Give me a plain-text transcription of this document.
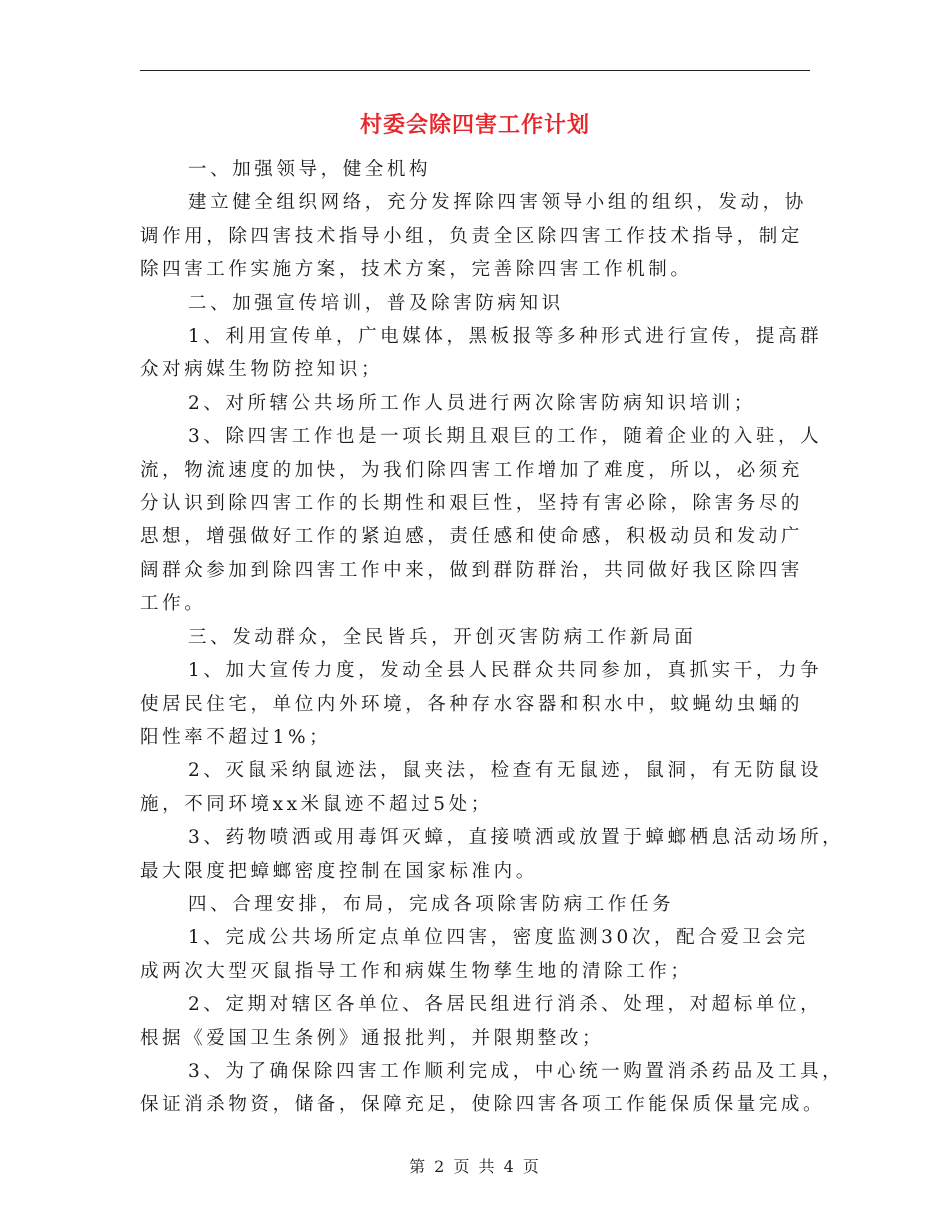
村委会除四害工作计划

一、加强领导，健全机构

建立健全组织网络，充分发挥除四害领导小组的组织，发动，协
调作用，除四害技术指导小组，负责全区除四害工作技术指导，制定
除四害工作实施方案，技术方案，完善除四害工作机制。

二、加强宣传培训，普及除害防病知识

1、利用宣传单，广电媒体，黑板报等多种形式进行宣传，提高群
众对病媒生物防控知识；

2、对所辖公共场所工作人员进行两次除害防病知识培训；

3、除四害工作也是一项长期且艰巨的工作，随着企业的入驻，人
流，物流速度的加快，为我们除四害工作增加了难度，所以，必须充
分认识到除四害工作的长期性和艰巨性，坚持有害必除，除害务尽的
思想，增强做好工作的紧迫感，责任感和使命感，积极动员和发动广
阔群众参加到除四害工作中来，做到群防群治，共同做好我区除四害
工作。

三、发动群众，全民皆兵，开创灭害防病工作新局面

1、加大宣传力度，发动全县人民群众共同参加，真抓实干，力争
使居民住宅，单位内外环境，各种存水容器和积水中，蚊蝇幼虫蛹的
阳性率不超过1%；

2、灭鼠采纳鼠迹法，鼠夹法，检查有无鼠迹，鼠洞，有无防鼠设
施，不同环境xx米鼠迹不超过5处；

3、药物喷洒或用毒饵灭蟑，直接喷洒或放置于蟑螂栖息活动场所，
最大限度把蟑螂密度控制在国家标准内。

四、合理安排，布局，完成各项除害防病工作任务

1、完成公共场所定点单位四害，密度监测30次，配合爱卫会完
成两次大型灭鼠指导工作和病媒生物孳生地的清除工作；

2、定期对辖区各单位、各居民组进行消杀、处理，对超标单位，
根据《爱国卫生条例》通报批判，并限期整改；

3、为了确保除四害工作顺利完成，中心统一购置消杀药品及工具，
保证消杀物资，储备，保障充足，使除四害各项工作能保质保量完成。

第 2 页 共 4 页
